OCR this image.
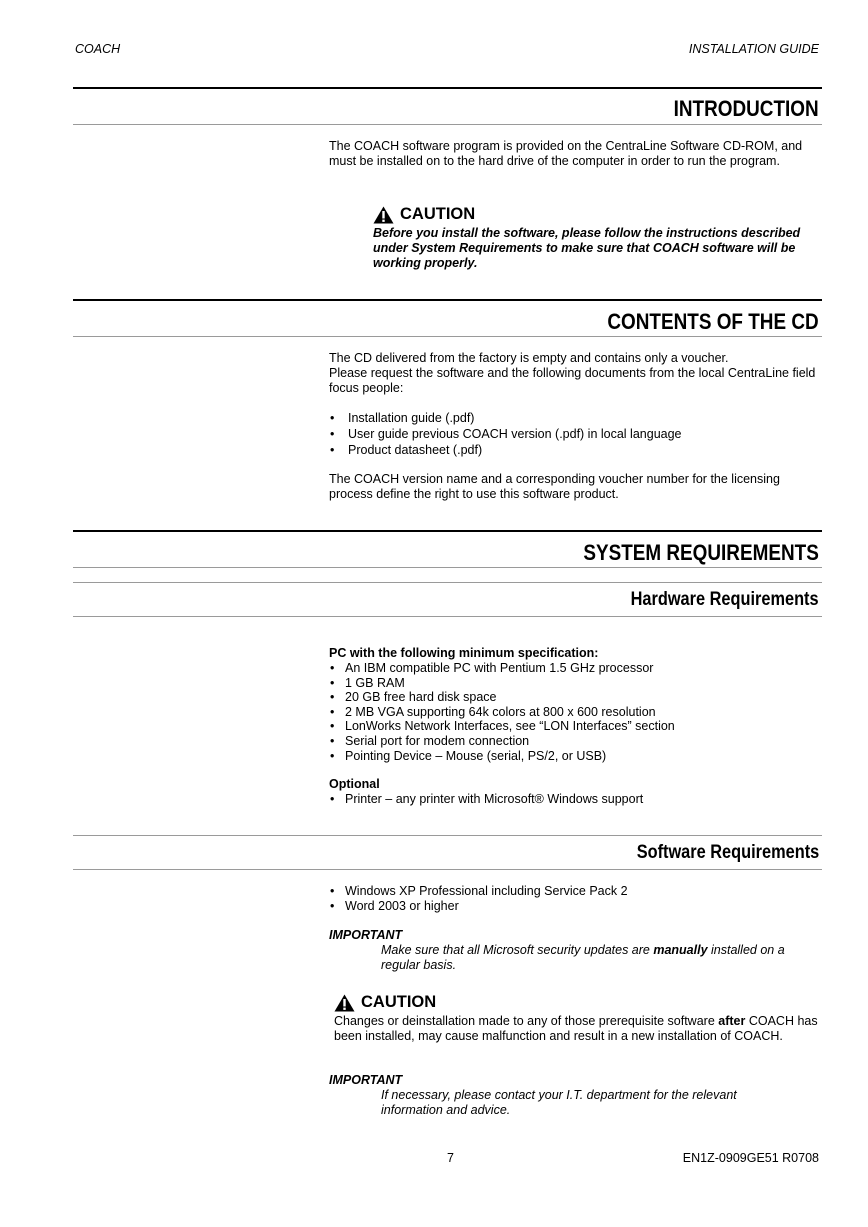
COACH	INSTALLATION GUIDE
INTRODUCTION
The COACH software program is provided on the CentraLine Software CD-ROM, and must be installed on to the hard drive of the computer in order to run the program.
CAUTION
Before you install the software, please follow the instructions described under System Requirements to make sure that COACH software will be working properly.
CONTENTS OF THE CD
The CD delivered from the factory is empty and contains only a voucher.
Please request the software and the following documents from the local CentraLine field focus people:
• Installation guide (.pdf)
• User guide previous COACH version (.pdf) in local language
• Product datasheet (.pdf)
The COACH version name and a corresponding voucher number for the licensing process define the right to use this software product.
SYSTEM REQUIREMENTS
Hardware Requirements
PC with the following minimum specification:
• An IBM compatible PC with Pentium 1.5 GHz processor
• 1 GB RAM
• 20 GB free hard disk space
• 2 MB VGA supporting 64k colors at 800 x 600 resolution
• LonWorks Network Interfaces, see “LON Interfaces” section
• Serial port for modem connection
• Pointing Device – Mouse (serial, PS/2, or USB)
Optional
• Printer – any printer with Microsoft® Windows support
Software Requirements
• Windows XP Professional including Service Pack 2
• Word 2003 or higher
IMPORTANT
Make sure that all Microsoft security updates are manually installed on a regular basis.
CAUTION
Changes or deinstallation made to any of those prerequisite software after COACH has been installed, may cause malfunction and result in a new installation of COACH.
IMPORTANT
If necessary, please contact your I.T. department for the relevant information and advice.
7	EN1Z-0909GE51 R0708
